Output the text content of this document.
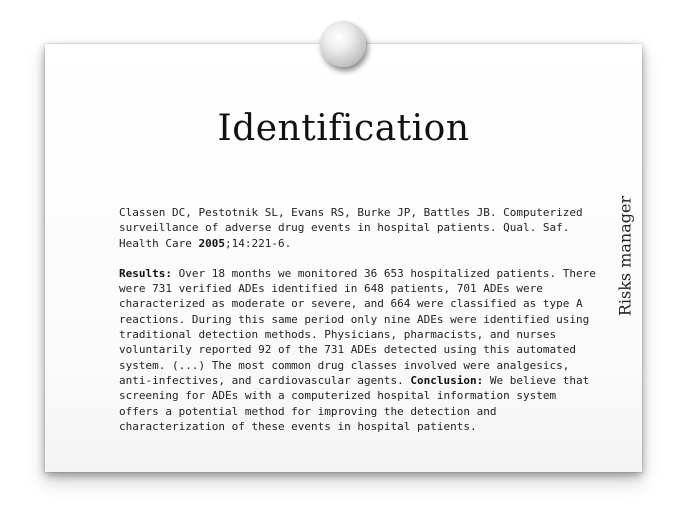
Identification

Classen DC, Pestotnik SL, Evans RS, Burke JP, Battles JB. Computerized surveillance of adverse drug events in hospital patients. Qual. Saf. Health Care 2005;14:221-6.

Results: Over 18 months we monitored 36 653 hospitalized patients. There were 731 verified ADEs identified in 648 patients, 701 ADEs were characterized as moderate or severe, and 664 were classified as type A reactions. During this same period only nine ADEs were identified using traditional detection methods. Physicians, pharmacists, and nurses voluntarily reported 92 of the 731 ADEs detected using this automated system. (...) The most common drug classes involved were analgesics, anti-infectives, and cardiovascular agents. Conclusion: We believe that screening for ADEs with a computerized hospital information system offers a potential method for improving the detection and characterization of these events in hospital patients.

Risks manager
